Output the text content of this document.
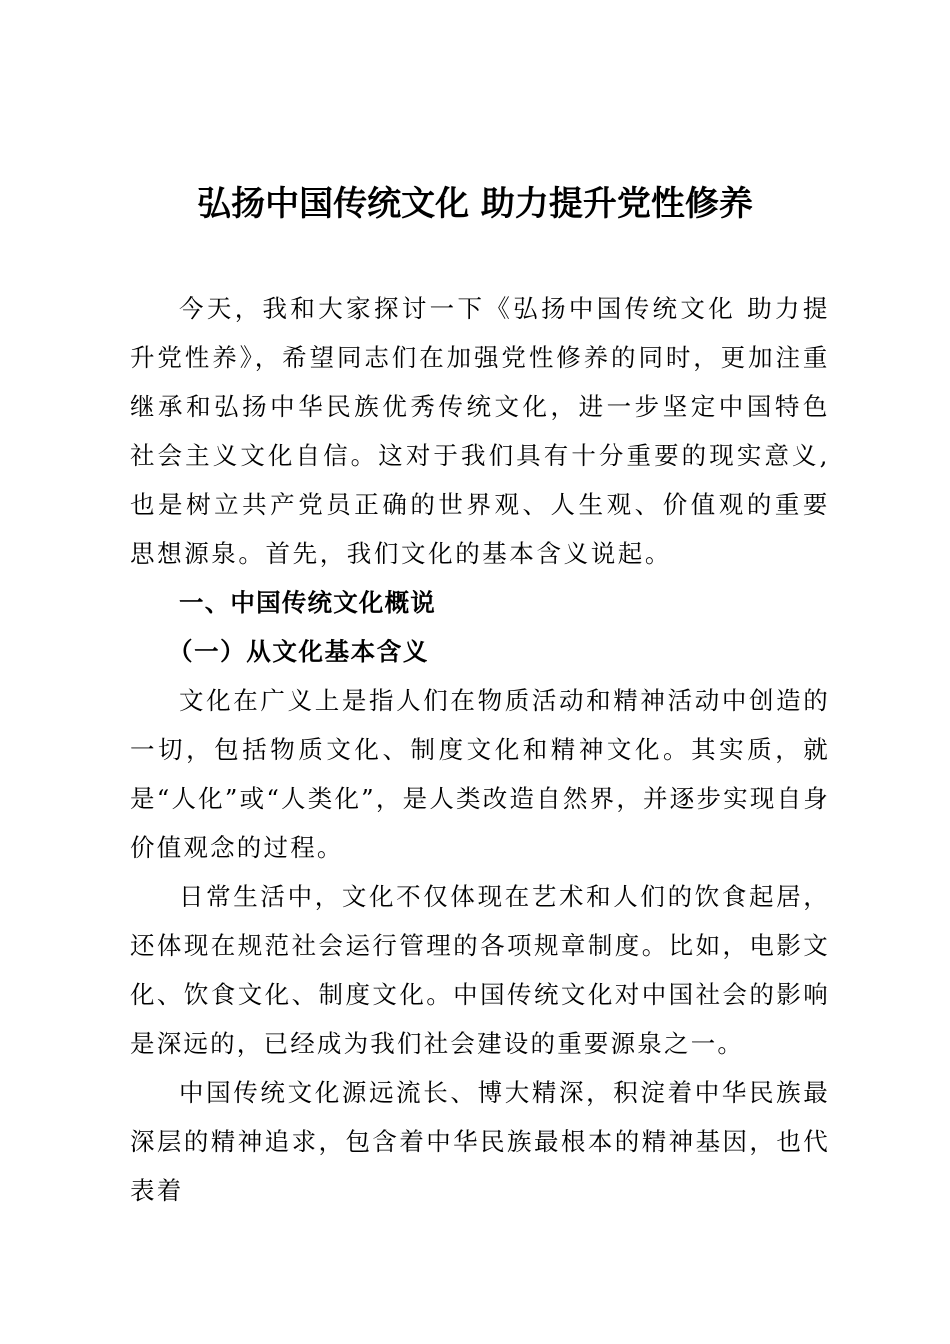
弘扬中国传统文化 助力提升党性修养

今天，我和大家探讨一下《弘扬中国传统文化 助力提升党性养》，希望同志们在加强党性修养的同时，更加注重继承和弘扬中华民族优秀传统文化，进一步坚定中国特色社会主义文化自信。这对于我们具有十分重要的现实意义,也是树立共产党员正确的世界观、人生观、价值观的重要思想源泉。首先，我们文化的基本含义说起。

一、中国传统文化概说

（一）从文化基本含义

文化在广义上是指人们在物质活动和精神活动中创造的一切，包括物质文化、制度文化和精神文化。其实质，就是“人化”或“人类化”，是人类改造自然界，并逐步实现自身价值观念的过程。

日常生活中，文化不仅体现在艺术和人们的饮食起居，还体现在规范社会运行管理的各项规章制度。比如，电影文化、饮食文化、制度文化。中国传统文化对中国社会的影响是深远的，已经成为我们社会建设的重要源泉之一。

中国传统文化源远流长、博大精深，积淀着中华民族最深层的精神追求，包含着中华民族最根本的精神基因，也代表着
